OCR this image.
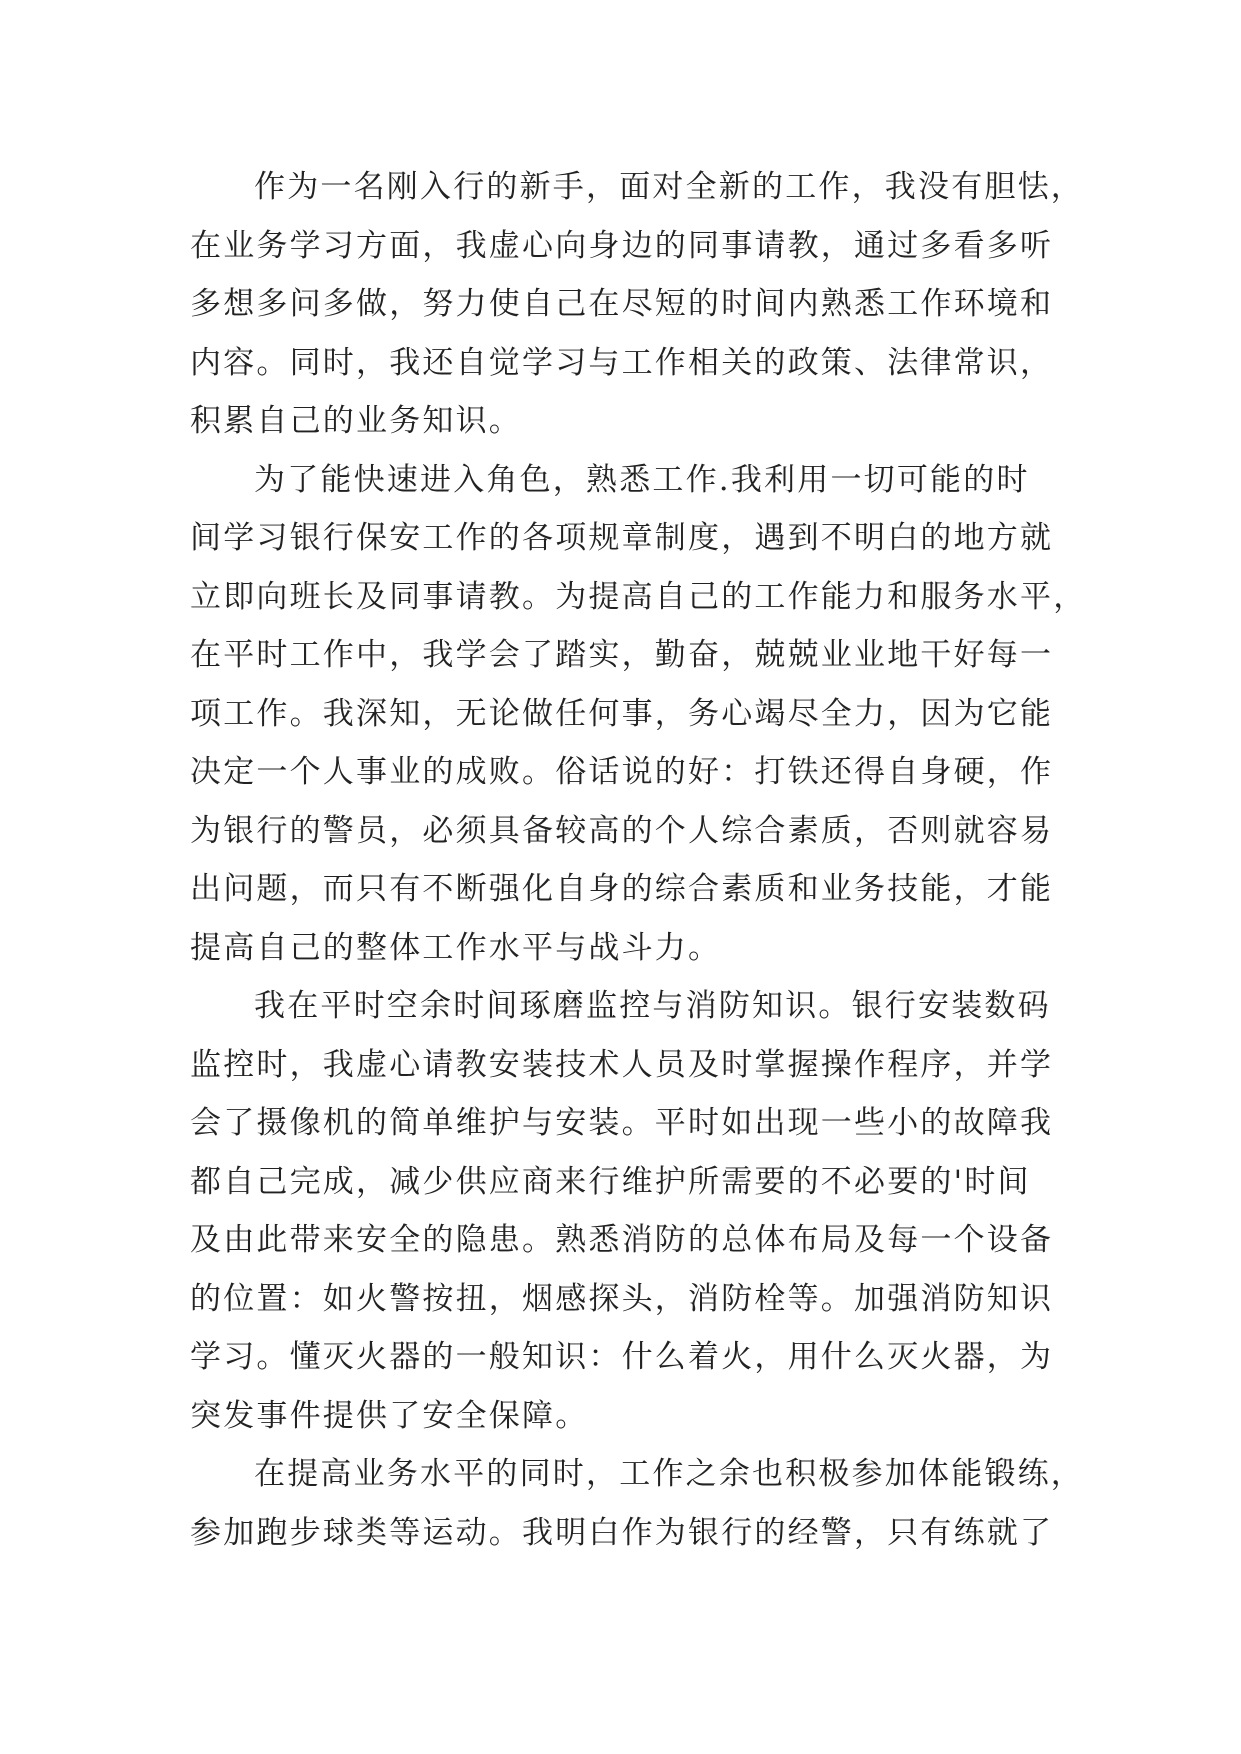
作为一名刚入行的新手，面对全新的工作，我没有胆怯，
在业务学习方面，我虚心向身边的同事请教，通过多看多听
多想多问多做，努力使自己在尽短的时间内熟悉工作环境和
内容。同时，我还自觉学习与工作相关的政策、法律常识，
积累自己的业务知识。
为了能快速进入角色，熟悉工作.我利用一切可能的时
间学习银行保安工作的各项规章制度，遇到不明白的地方就
立即向班长及同事请教。为提高自己的工作能力和服务水平，
在平时工作中，我学会了踏实，勤奋，兢兢业业地干好每一
项工作。我深知，无论做任何事，务心竭尽全力，因为它能
决定一个人事业的成败。俗话说的好：打铁还得自身硬，作
为银行的警员，必须具备较高的个人综合素质，否则就容易
出问题，而只有不断强化自身的综合素质和业务技能，才能
提高自己的整体工作水平与战斗力。
我在平时空余时间琢磨监控与消防知识。银行安装数码
监控时，我虚心请教安装技术人员及时掌握操作程序，并学
会了摄像机的简单维护与安装。平时如出现一些小的故障我
都自己完成，减少供应商来行维护所需要的不必要的'时间
及由此带来安全的隐患。熟悉消防的总体布局及每一个设备
的位置：如火警按扭，烟感探头，消防栓等。加强消防知识
学习。懂灭火器的一般知识：什么着火，用什么灭火器，为
突发事件提供了安全保障。
在提高业务水平的同时，工作之余也积极参加体能锻练，
参加跑步球类等运动。我明白作为银行的经警，只有练就了
